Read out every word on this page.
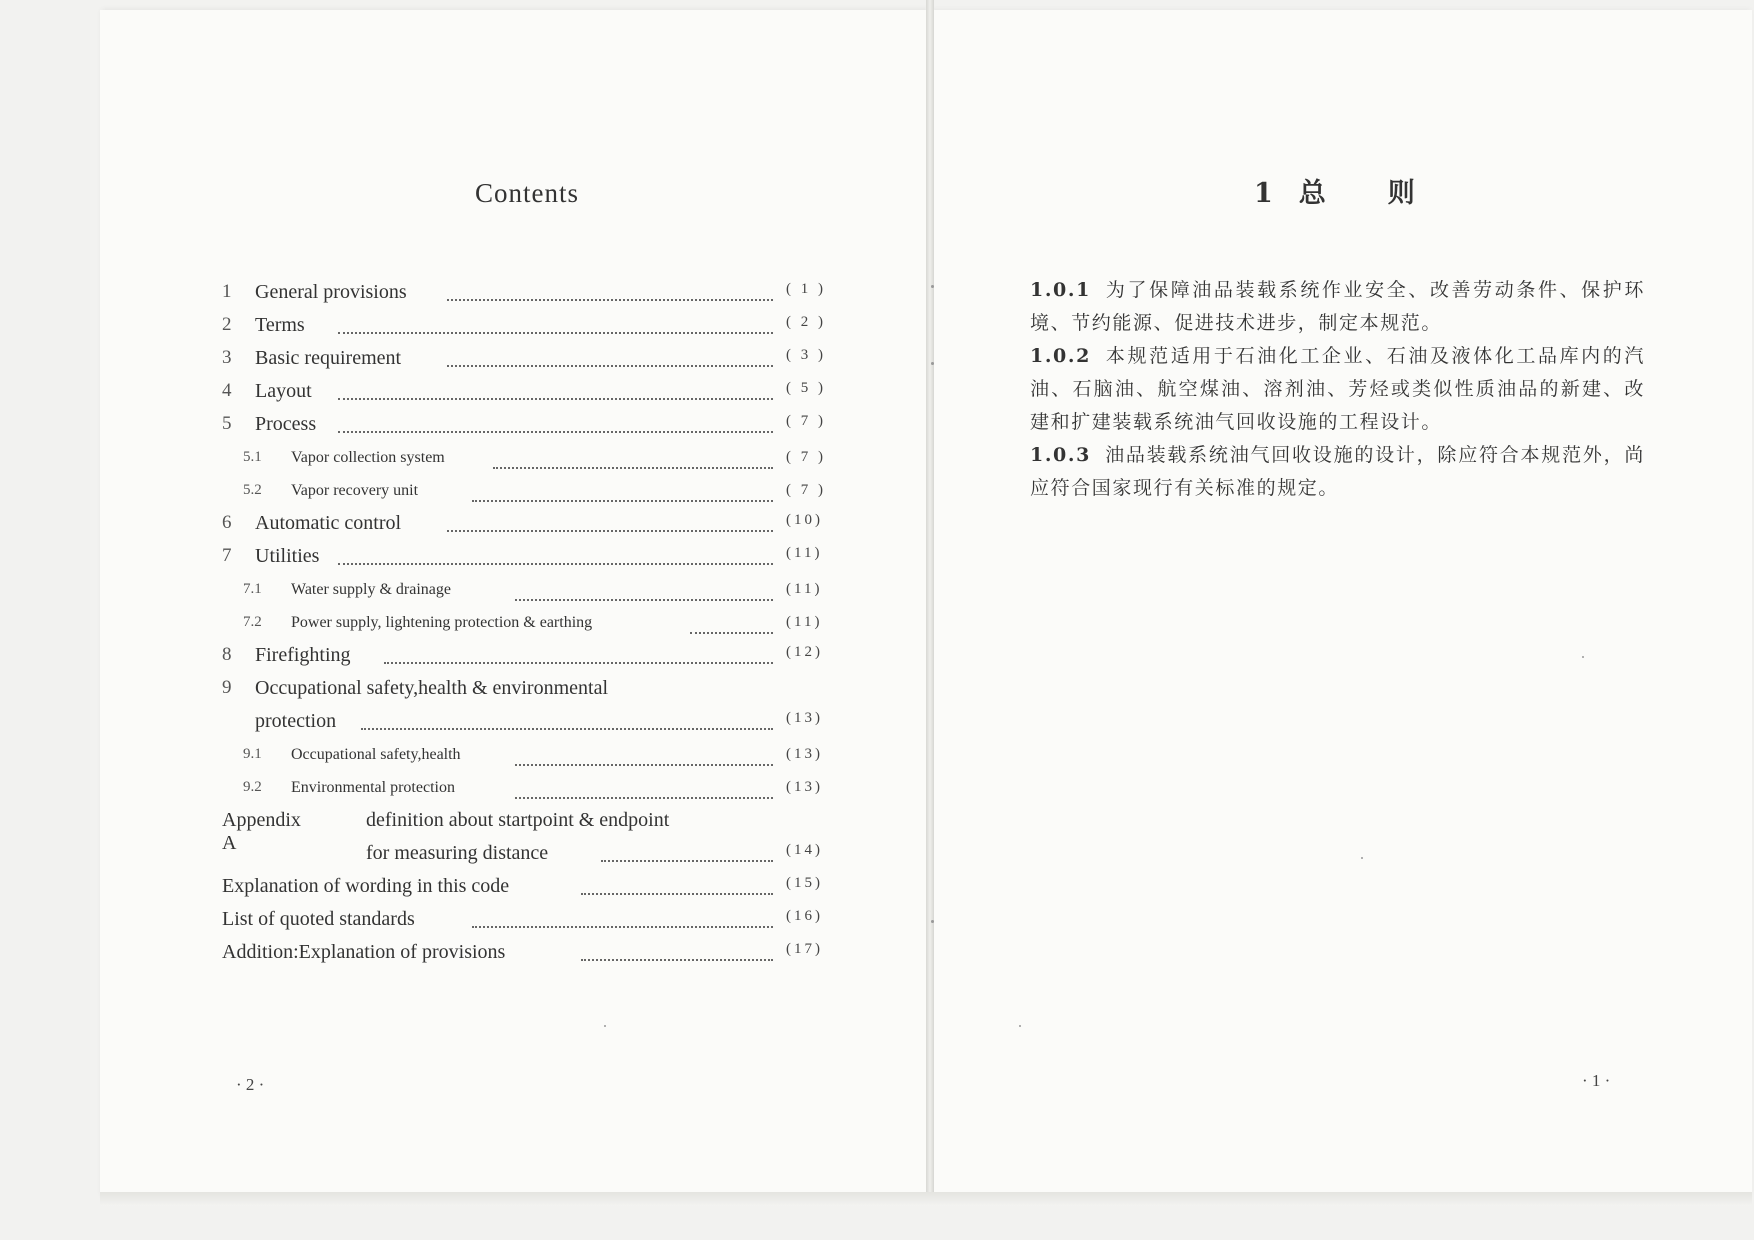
Contents
1 General provisions	( 1 )
2 Terms	( 2 )
3 Basic requirement	( 3 )
4 Layout	( 5 )
5 Process	( 7 )
5.1 Vapor collection system	( 7 )
5.2 Vapor recovery unit	( 7 )
6 Automatic control	(10)
7 Utilities	(11)
7.1 Water supply & drainage	(11)
7.2 Power supply, lightening protection & earthing	(11)
8 Firefighting	(12)
9 Occupational safety,health & environmental
protection	(13)
9.1 Occupational safety,health	(13)
9.2 Environmental protection	(13)
Appendix A
definition about startpoint & endpoint
for measuring distance	(14)
Explanation of wording in this code	(15)
List of quoted standards	(16)
Addition:Explanation of provisions	(17)
· 2 ·
1 总 则
1.0.1 为了保障油品装载系统作业安全、改善劳动条件、保护环境、节约能源、促进技术进步，制定本规范。
1.0.2 本规范适用于石油化工企业、石油及液体化工品库内的汽油、石脑油、航空煤油、溶剂油、芳烃或类似性质油品的新建、改建和扩建装载系统油气回收设施的工程设计。
1.0.3 油品装载系统油气回收设施的设计，除应符合本规范外，尚应符合国家现行有关标准的规定。
· 1 ·
